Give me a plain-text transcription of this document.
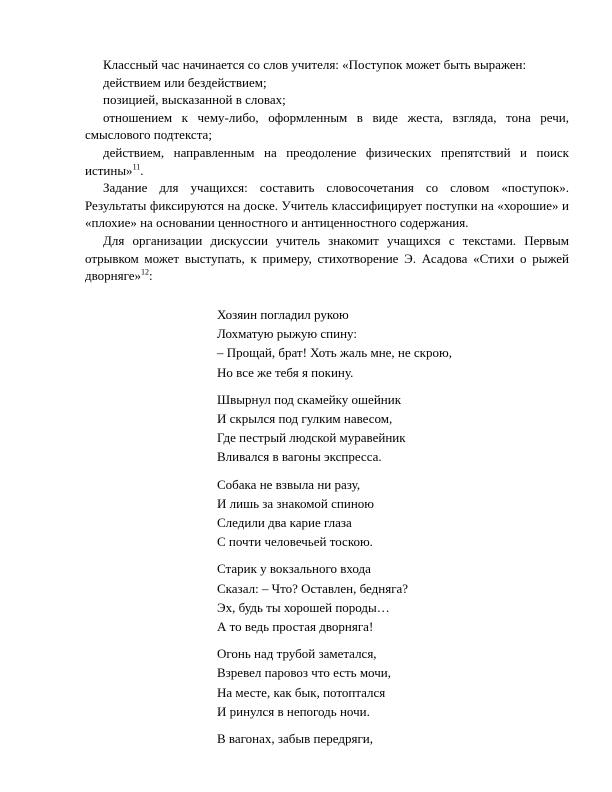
Классный час начинается со слов учителя: «Поступок может быть выражен:

действием или бездействием;

позицией, высказанной в словах;

отношением к чему-либо, оформленным в виде жеста, взгляда, тона речи, смыслового подтекста;

действием, направленным на преодоление физических препятствий и поиск истины»$^{11}$.

Задание для учащихся: составить словосочетания со словом «поступок». Результаты фиксируются на доске. Учитель классифицирует поступки на «хорошие» и «плохие» на основании ценностного и антиценностного содержания.

Для организации дискуссии учитель знакомит учащихся с текстами. Первым отрывком может выступать, к примеру, стихотворение Э. Асадова «Стихи о рыжей дворняге»$^{12}$:

Хозяин погладил рукою
Лохматую рыжую спину:
– Прощай, брат! Хоть жаль мне, не скрою,
Но все же тебя я покину.
Швырнул под скамейку ошейник
И скрылся под гулким навесом,
Где пестрый людской муравейник
Вливался в вагоны экспресса.
Собака не взвыла ни разу,
И лишь за знакомой спиною
Следили два карие глаза
С почти человечьей тоскою.
Старик у вокзального входа
Сказал: – Что? Оставлен, бедняга?
Эх, будь ты хорошей породы…
А то ведь простая дворняга!
Огонь над трубой заметался,
Взревел паровоз что есть мочи,
На месте, как бык, потоптался
И ринулся в непогодь ночи.
В вагонах, забыв передряги,
